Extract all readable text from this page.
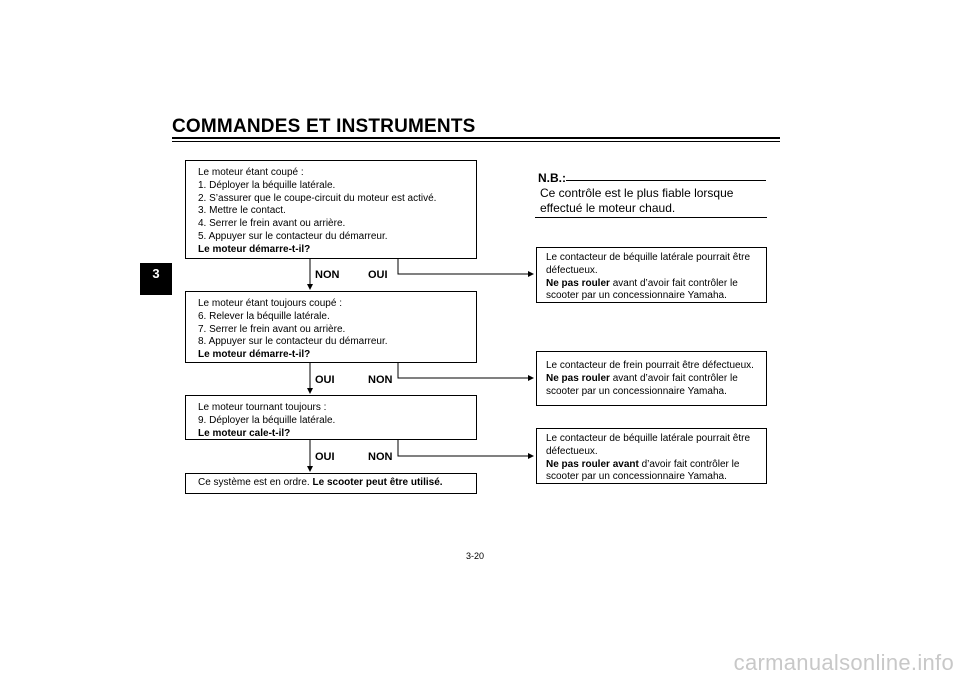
COMMANDES ET INSTRUMENTS
3
Le moteur étant coupé :
1. Déployer la béquille latérale.
2. S’assurer que le coupe-circuit du moteur est activé.
3. Mettre le contact.
4. Serrer le frein avant ou arrière.
5. Appuyer sur le contacteur du démarreur.
Le moteur démarre-t-il?
NON	OUI
Le moteur étant toujours coupé :
6. Relever la béquille latérale.
7. Serrer le frein avant ou arrière.
8. Appuyer sur le contacteur du démarreur.
Le moteur démarre-t-il?
OUI	NON
Le moteur tournant toujours :
9. Déployer la béquille latérale.
Le moteur cale-t-il?
OUI	NON
Ce système est en ordre. Le scooter peut être utilisé.
N.B.:
Ce contrôle est le plus fiable lorsque effectué le moteur chaud.
Le contacteur de béquille latérale pourrait être
défectueux.
Ne pas rouler avant d’avoir fait contrôler le
scooter par un concessionnaire Yamaha.
Le contacteur de frein pourrait être défectueux.
Ne pas rouler avant d’avoir fait contrôler le
scooter par un concessionnaire Yamaha.
Le contacteur de béquille latérale pourrait être
défectueux.
Ne pas rouler avant d’avoir fait contrôler le
scooter par un concessionnaire Yamaha.
3-20
carmanualsonline.info
